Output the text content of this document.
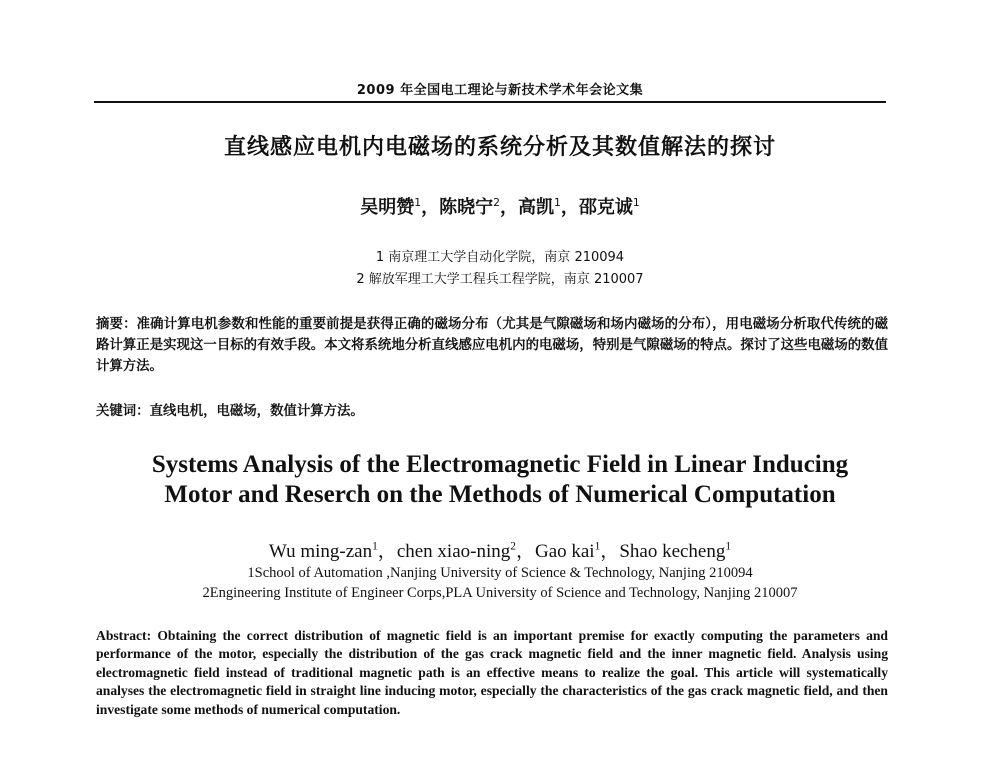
2009 年全国电工理论与新技术学术年会论文集
直线感应电机内电磁场的系统分析及其数值解法的探讨
吴明赞$^1$，陈晓宁$^2$，高凯$^1$，邵克诚$^1$
1 南京理工大学自动化学院，南京 210094
2 解放军理工大学工程兵工程学院，南京 210007
摘要：准确计算电机参数和性能的重要前提是获得正确的磁场分布（尤其是气隙磁场和场内磁场的分布），用电磁场分析取代传统的磁路计算正是实现这一目标的有效手段。本文将系统地分析直线感应电机内的电磁场，特别是气隙磁场的特点。探讨了这些电磁场的数值计算方法。
关键词：直线电机，电磁场，数值计算方法。
Systems Analysis of the Electromagnetic Field in Linear Inducing
Motor and Reserch on the Methods of Numerical Computation
Wu ming-zan$^1$，chen xiao-ning$^2$，Gao kai$^1$，Shao kecheng$^1$
1School of Automation ,Nanjing University of Science & Technology, Nanjing 210094
2Engineering Institute of Engineer Corps,PLA University of Science and Technology, Nanjing 210007
Abstract: Obtaining the correct distribution of magnetic field is an important premise for exactly computing the parameters and performance of the motor, especially the distribution of the gas crack magnetic field and the inner magnetic field. Analysis using electromagnetic field instead of traditional magnetic path is an effective means to realize the goal. This article will systematically analyses the electromagnetic field in straight line inducing motor, especially the characteristics of the gas crack magnetic field, and then investigate some methods of numerical computation.
